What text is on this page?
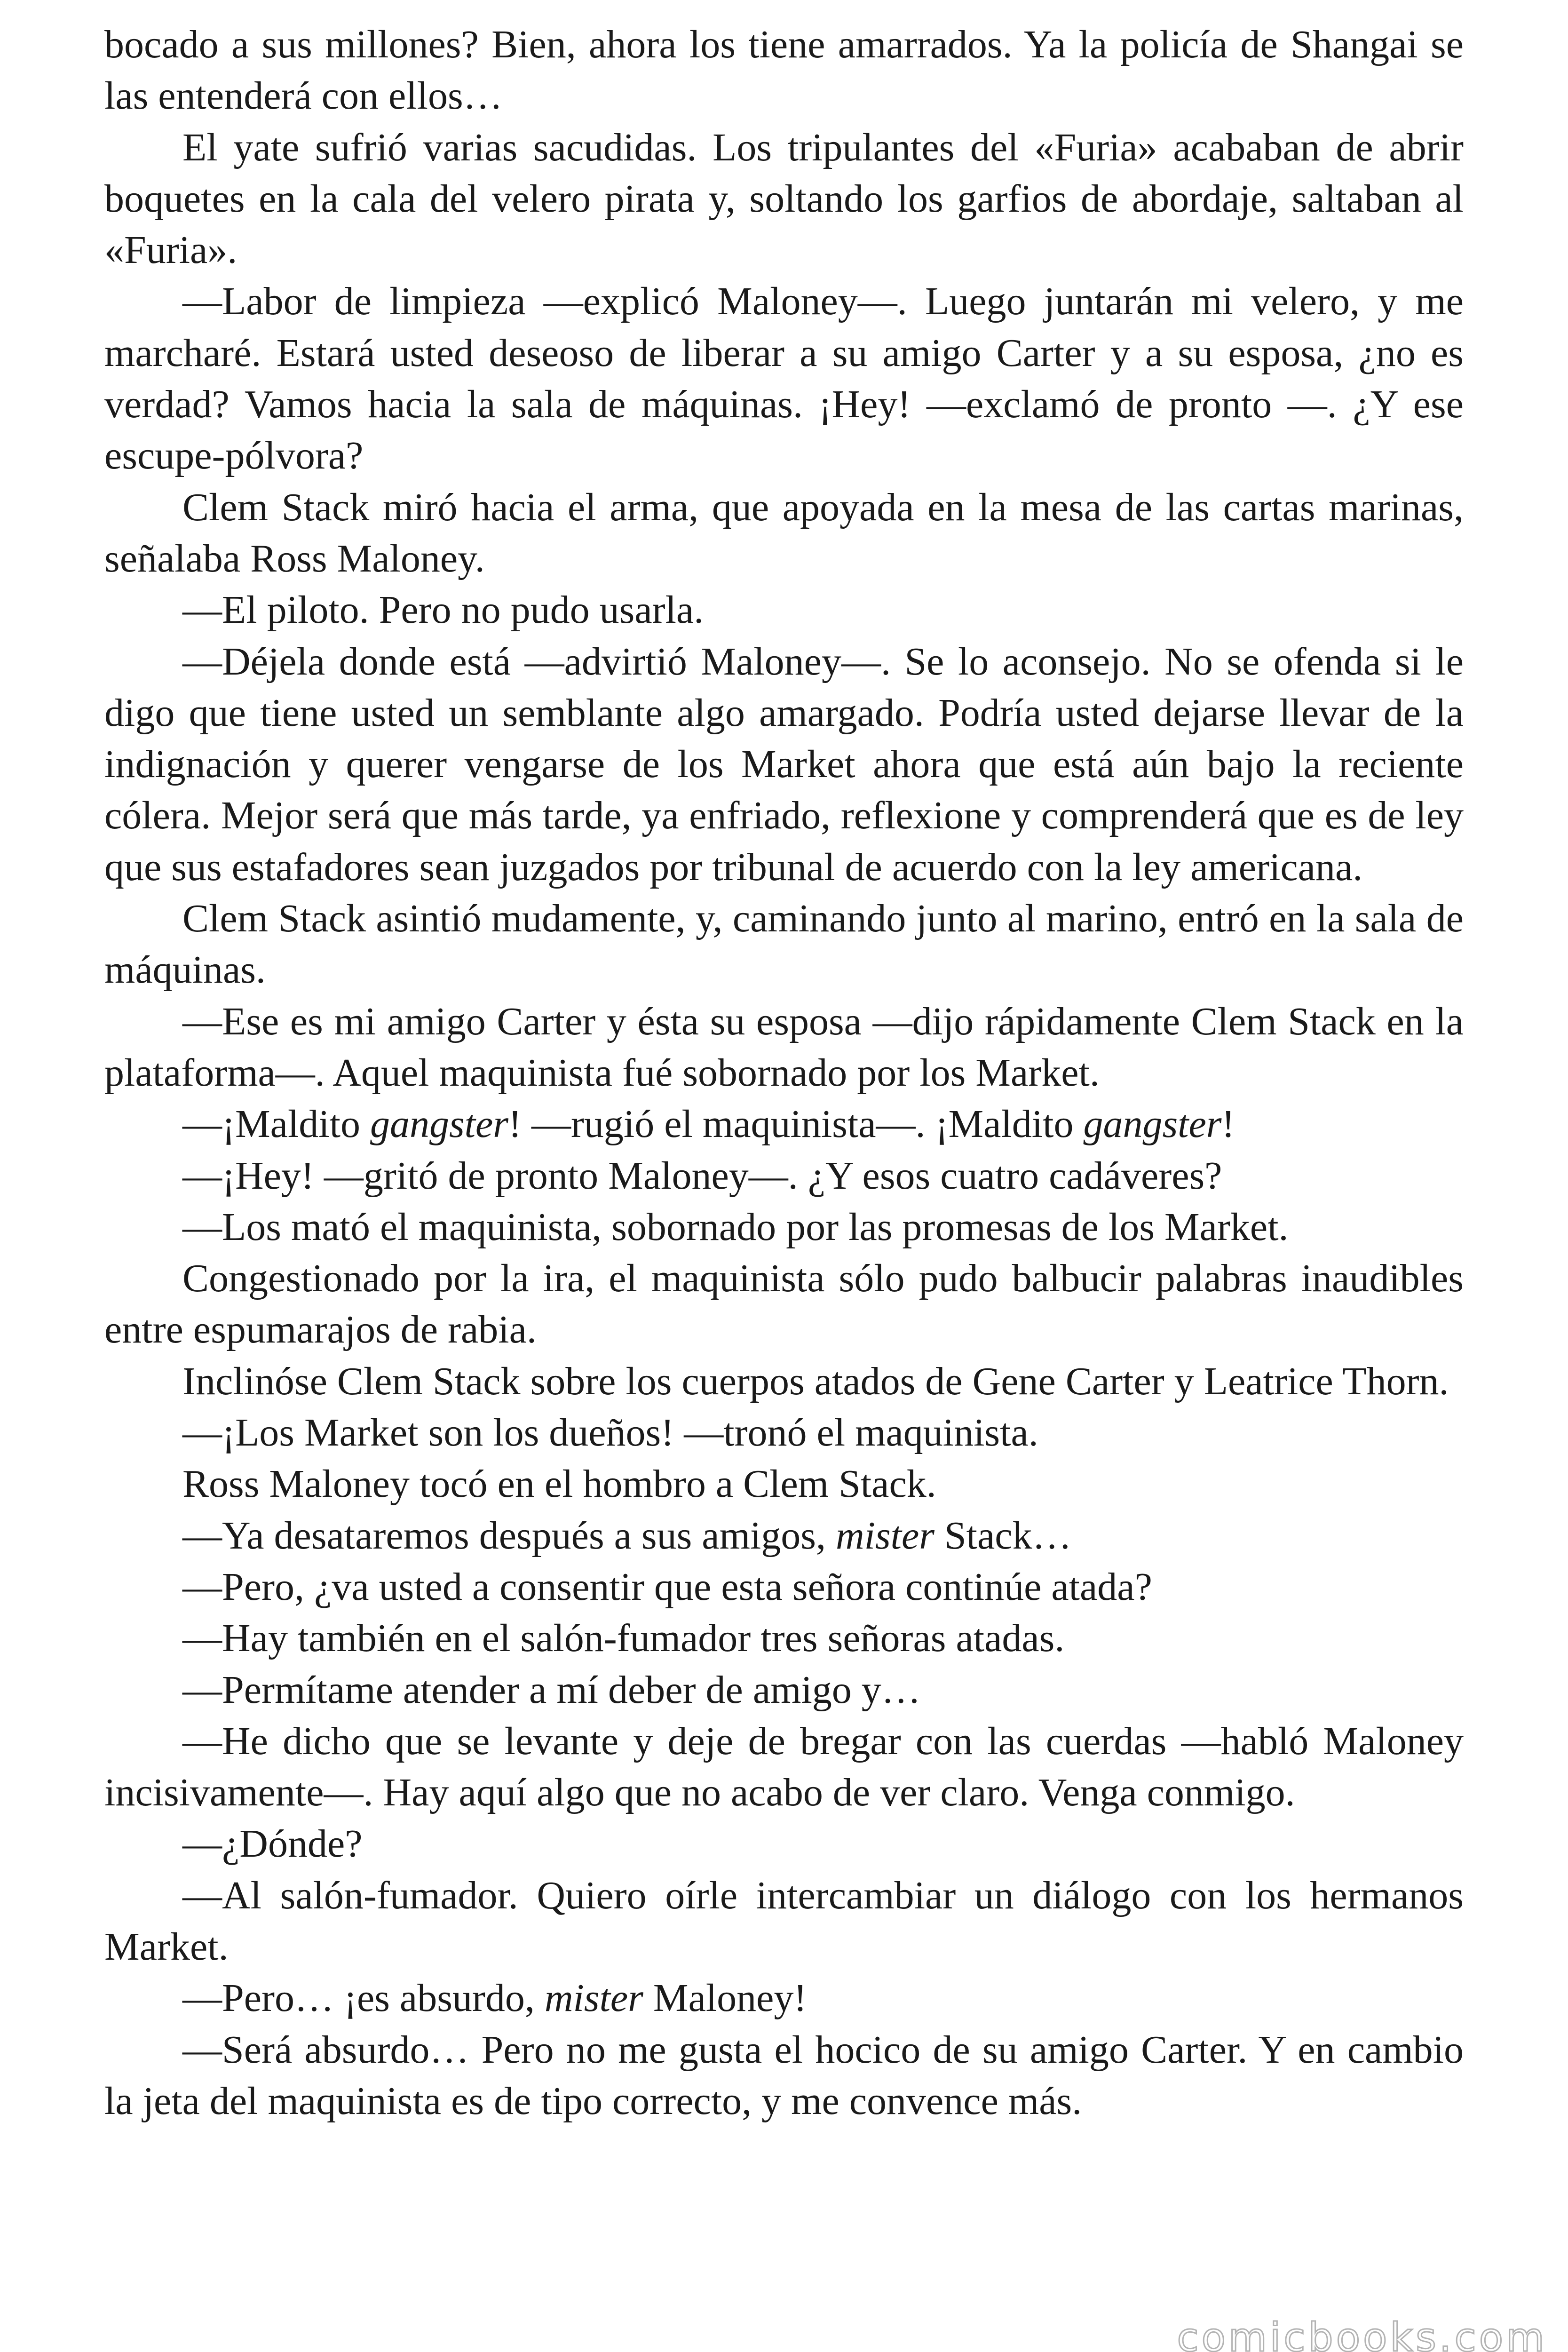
bocado a sus millones? Bien, ahora los tiene amarrados. Ya la policía de Shangai se las entenderá con ellos…

El yate sufrió varias sacudidas. Los tripulantes del «Furia» acababan de abrir boquetes en la cala del velero pirata y, soltando los garfios de abordaje, saltaban al «Furia».

—Labor de limpieza —explicó Maloney—. Luego juntarán mi velero, y me marcharé. Estará usted deseoso de liberar a su amigo Carter y a su esposa, ¿no es verdad? Vamos hacia la sala de máquinas. ¡Hey! —exclamó de pronto —. ¿Y ese escupe-pólvora?

Clem Stack miró hacia el arma, que apoyada en la mesa de las cartas marinas, señalaba Ross Maloney.

—El piloto. Pero no pudo usarla.

—Déjela donde está —advirtió Maloney—. Se lo aconsejo. No se ofenda si le digo que tiene usted un semblante algo amargado. Podría usted dejarse llevar de la indignación y querer vengarse de los Market ahora que está aún bajo la reciente cólera. Mejor será que más tarde, ya enfriado, reflexione y comprenderá que es de ley que sus estafadores sean juzgados por tribunal de acuerdo con la ley americana.

Clem Stack asintió mudamente, y, caminando junto al marino, entró en la sala de máquinas.

—Ese es mi amigo Carter y ésta su esposa —dijo rápidamente Clem Stack en la plataforma—. Aquel maquinista fué sobornado por los Market.

—¡Maldito gangster! —rugió el maquinista—. ¡Maldito gangster!

—¡Hey! —gritó de pronto Maloney—. ¿Y esos cuatro cadáveres?

—Los mató el maquinista, sobornado por las promesas de los Market.

Congestionado por la ira, el maquinista sólo pudo balbucir palabras inaudibles entre espumarajos de rabia.

Inclinóse Clem Stack sobre los cuerpos atados de Gene Carter y Leatrice Thorn.

—¡Los Market son los dueños! —tronó el maquinista.

Ross Maloney tocó en el hombro a Clem Stack.

—Ya desataremos después a sus amigos, mister Stack…

—Pero, ¿va usted a consentir que esta señora continúe atada?

—Hay también en el salón-fumador tres señoras atadas.

—Permítame atender a mí deber de amigo y…

—He dicho que se levante y deje de bregar con las cuerdas —habló Maloney incisivamente—. Hay aquí algo que no acabo de ver claro. Venga conmigo.

—¿Dónde?

—Al salón-fumador. Quiero oírle intercambiar un diálogo con los hermanos Market.

—Pero… ¡es absurdo, mister Maloney!

—Será absurdo… Pero no me gusta el hocico de su amigo Carter. Y en cambio la jeta del maquinista es de tipo correcto, y me convence más.

comicbooks.com
